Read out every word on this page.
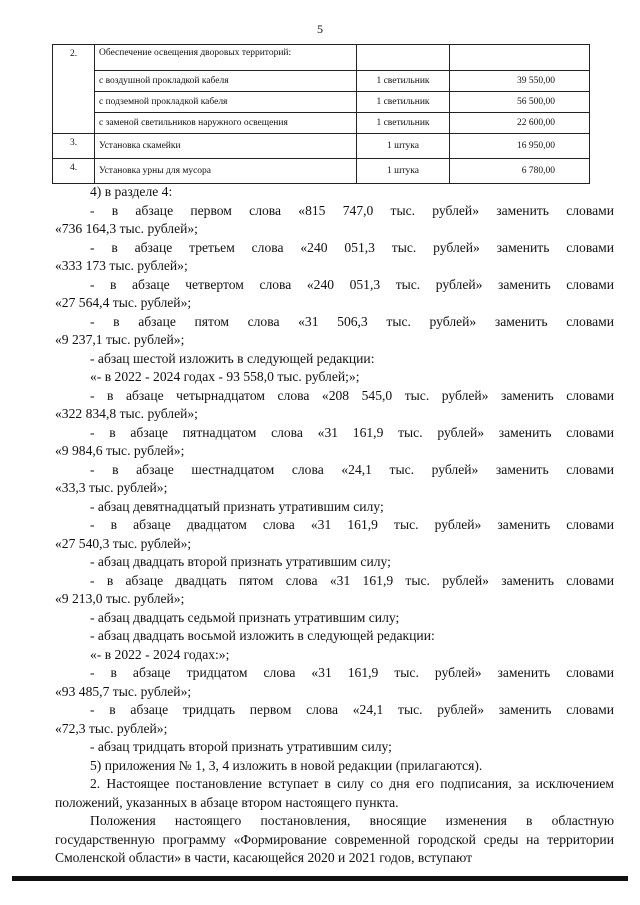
5
2.	Обеспечение освещения дворовых территорий:		
	с воздушной прокладкой кабеля	1 светильник	39 550,00
	с подземной прокладкой кабеля	1 светильник	56 500,00
	с заменой светильников наружного освещения	1 светильник	22 600,00
3.	Установка скамейки	1 штука	16 950,00
4.	Установка урны для мусора	1 штука	6 780,00

4) в разделе 4:

- в абзаце первом слова «815 747,0 тыс. рублей» заменить словами

«736 164,3 тыс. рублей»;

- в абзаце третьем слова «240 051,3 тыс. рублей» заменить словами

«333 173 тыс. рублей»;

- в абзаце четвертом слова «240 051,3 тыс. рублей» заменить словами

«27 564,4 тыс. рублей»;

- в абзаце пятом слова «31 506,3 тыс. рублей» заменить словами

«9 237,1 тыс. рублей»;

- абзац шестой изложить в следующей редакции:

«- в 2022 - 2024 годах - 93 558,0 тыс. рублей;»;

- в абзаце четырнадцатом слова «208 545,0 тыс. рублей» заменить словами

«322 834,8 тыс. рублей»;

- в абзаце пятнадцатом слова «31 161,9 тыс. рублей» заменить словами

«9 984,6 тыс. рублей»;

- в абзаце шестнадцатом слова «24,1 тыс. рублей» заменить словами

«33,3 тыс. рублей»;

- абзац девятнадцатый признать утратившим силу;

- в абзаце двадцатом слова «31 161,9 тыс. рублей» заменить словами

«27 540,3 тыс. рублей»;

- абзац двадцать второй признать утратившим силу;

- в абзаце двадцать пятом слова «31 161,9 тыс. рублей» заменить словами

«9 213,0 тыс. рублей»;

- абзац двадцать седьмой признать утратившим силу;

- абзац двадцать восьмой изложить в следующей редакции:

«- в 2022 - 2024 годах:»;

- в абзаце тридцатом слова «31 161,9 тыс. рублей» заменить словами

«93 485,7 тыс. рублей»;

- в абзаце тридцать первом слова «24,1 тыс. рублей» заменить словами

«72,3 тыс. рублей»;

- абзац тридцать второй признать утратившим силу;

5) приложения № 1, 3, 4 изложить в новой редакции (прилагаются).

2. Настоящее постановление вступает в силу со дня его подписания, за исключением положений, указанных в абзаце втором настоящего пункта.

Положения настоящего постановления, вносящие изменения в областную государственную программу «Формирование современной городской среды на территории Смоленской области» в части, касающейся 2020 и 2021 годов, вступают
